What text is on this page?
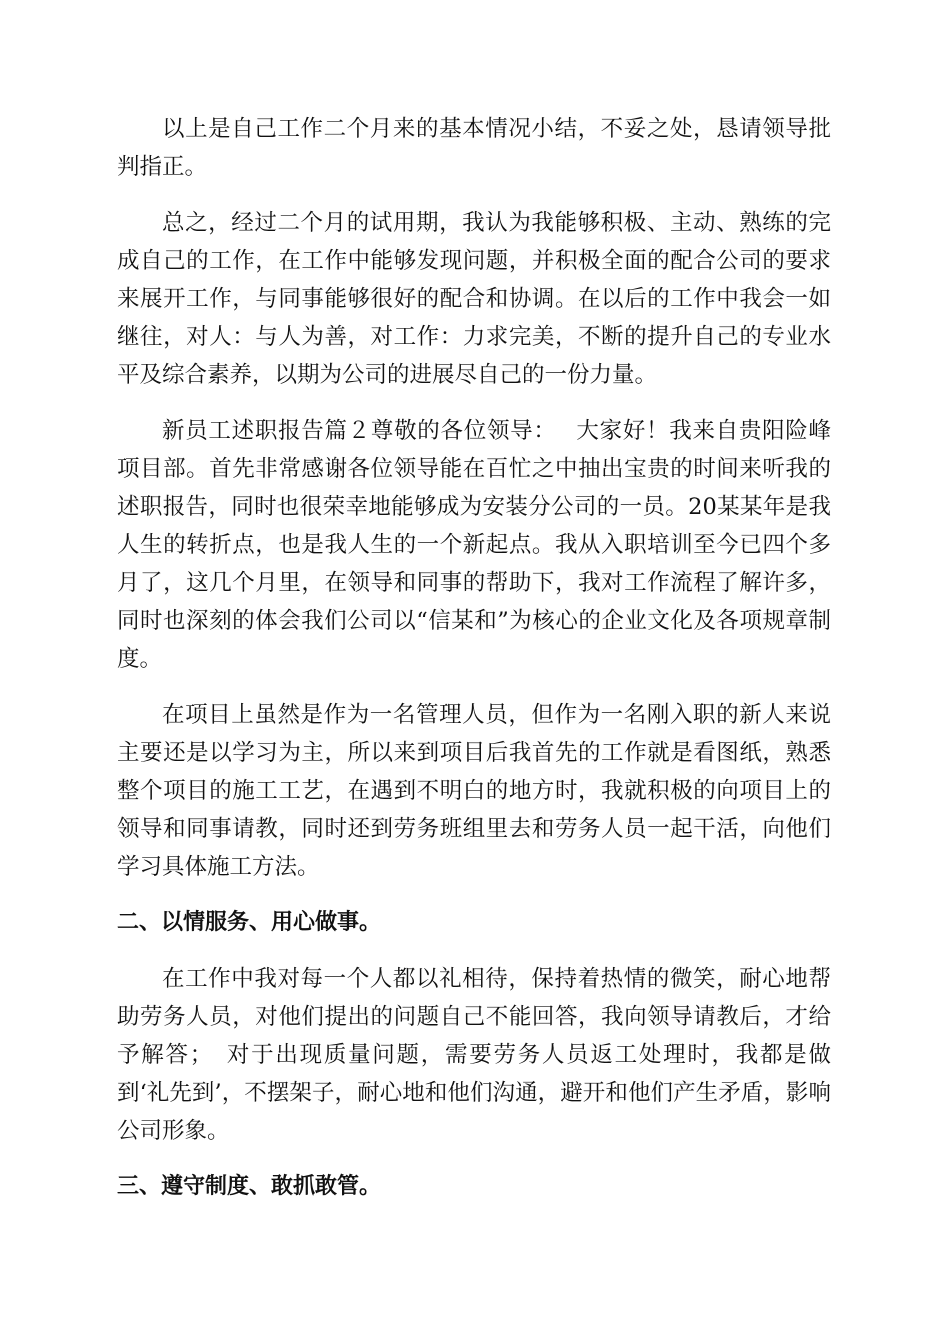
以上是自己工作二个月来的基本情况小结，不妥之处，恳请领导批判指正。

总之，经过二个月的试用期，我认为我能够积极、主动、熟练的完成自己的工作，在工作中能够发现问题，并积极全面的配合公司的要求来展开工作，与同事能够很好的配合和协调。在以后的工作中我会一如继往，对人：与人为善，对工作：力求完美，不断的提升自己的专业水平及综合素养，以期为公司的进展尽自己的一份力量。

新员工述职报告篇２尊敬的各位领导：　 大家好！我来自贵阳险峰项目部。首先非常感谢各位领导能在百忙之中抽出宝贵的时间来听我的述职报告，同时也很荣幸地能够成为安装分公司的一员。20某某年是我人生的转折点，也是我人生的一个新起点。我从入职培训至今已四个多月了，这几个月里，在领导和同事的帮助下，我对工作流程了解许多，同时也深刻的体会我们公司以“信某和”为核心的企业文化及各项规章制度。

在项目上虽然是作为一名管理人员，但作为一名刚入职的新人来说主要还是以学习为主，所以来到项目后我首先的工作就是看图纸，熟悉整个项目的施工工艺，在遇到不明白的地方时，我就积极的向项目上的领导和同事请教，同时还到劳务班组里去和劳务人员一起干活，向他们学习具体施工方法。

二、以情服务、用心做事。

在工作中我对每一个人都以礼相待，保持着热情的微笑，耐心地帮助劳务人员，对他们提出的问题自己不能回答，我向领导请教后，才给予解答；　对于出现质量问题，需要劳务人员返工处理时，我都是做到‘礼先到’，不摆架子，耐心地和他们沟通，避开和他们产生矛盾，影响公司形象。

三、遵守制度、敢抓敢管。
